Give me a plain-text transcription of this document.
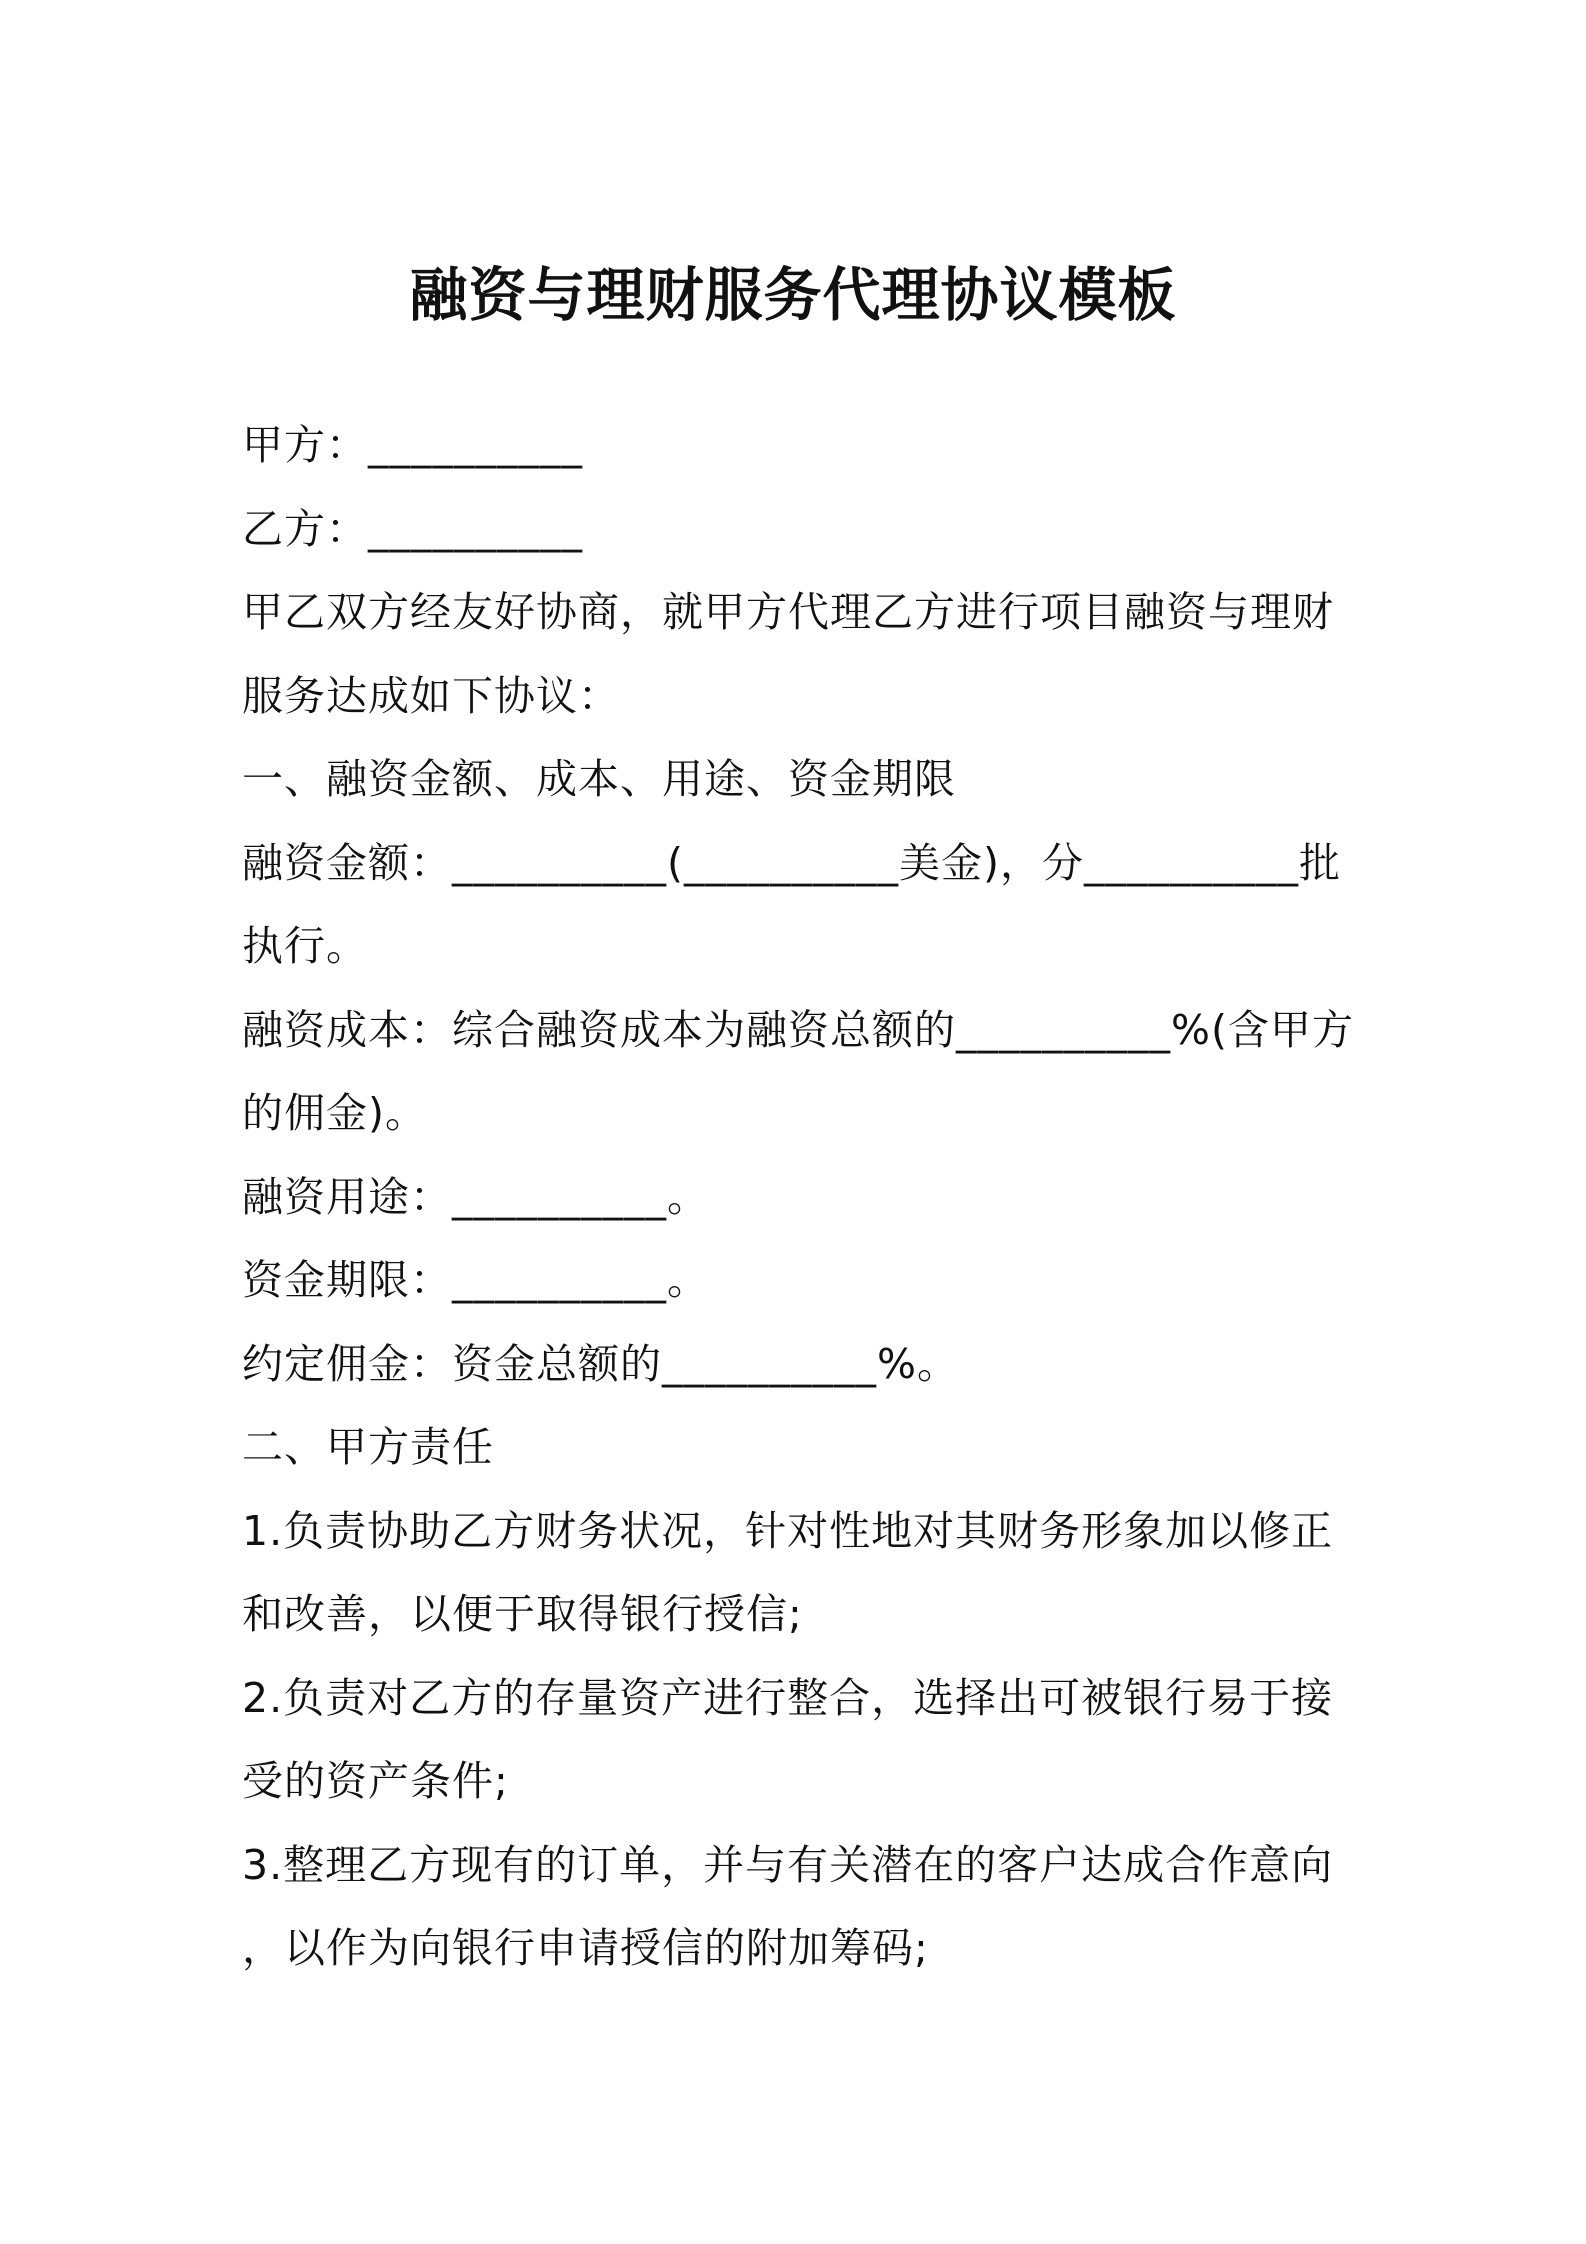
融资与理财服务代理协议模板

甲方：__________

乙方：__________

甲乙双方经友好协商，就甲方代理乙方进行项目融资与理财

服务达成如下协议：

一、融资金额、成本、用途、资金期限

融资金额：__________(__________美金)，分__________批

执行。

融资成本：综合融资成本为融资总额的__________%(含甲方

的佣金)。

融资用途：__________。

资金期限：__________。

约定佣金：资金总额的__________%。

二、甲方责任

1.负责协助乙方财务状况，针对性地对其财务形象加以修正

和改善，以便于取得银行授信;

2.负责对乙方的存量资产进行整合，选择出可被银行易于接

受的资产条件;

3.整理乙方现有的订单，并与有关潜在的客户达成合作意向

，以作为向银行申请授信的附加筹码;
